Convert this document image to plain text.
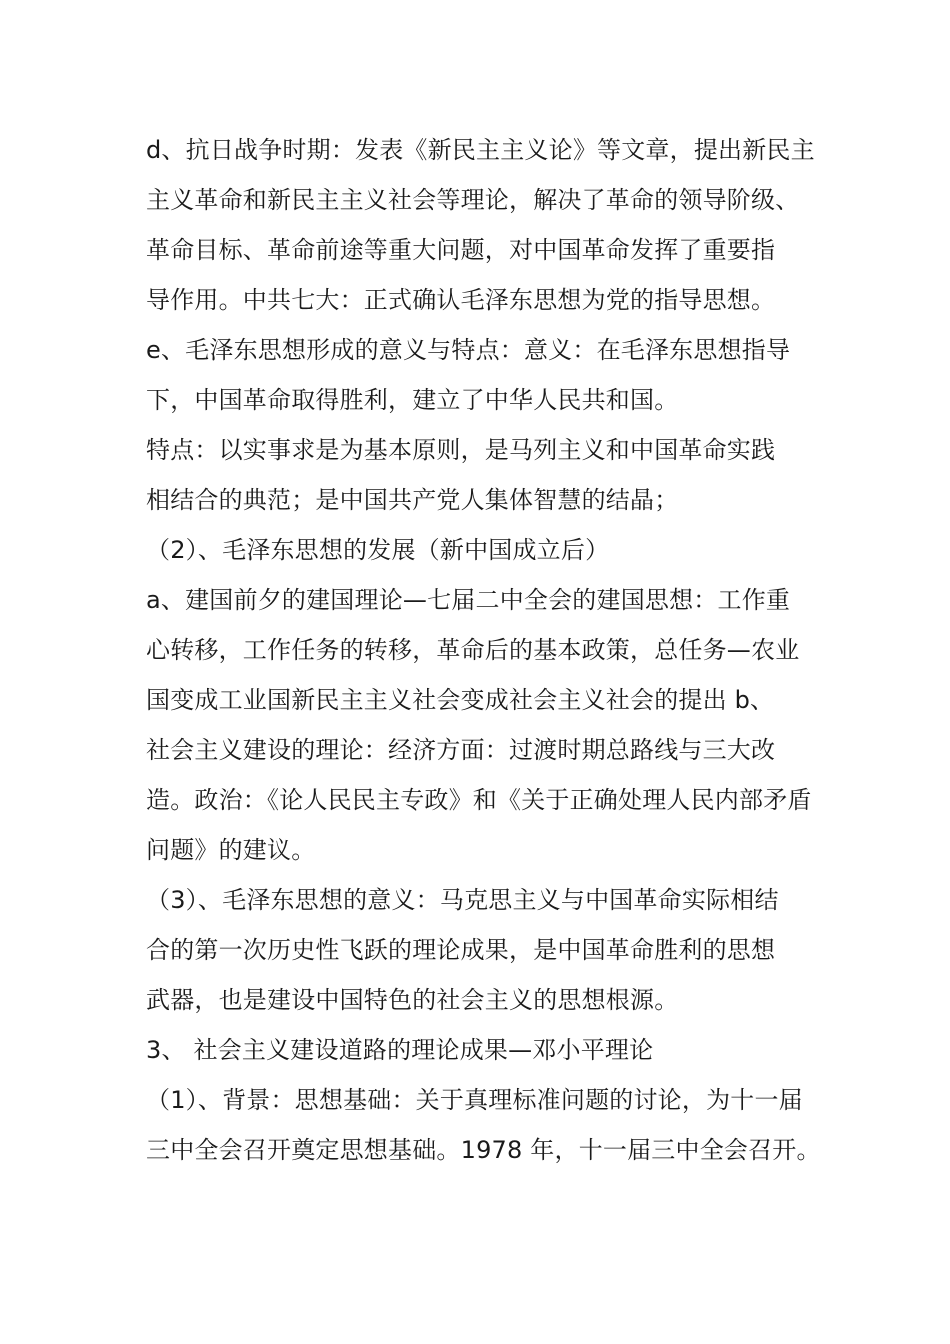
d、抗日战争时期：发表《新民主主义论》等文章，提出新民主
主义革命和新民主主义社会等理论，解决了革命的领导阶级、
革命目标、革命前途等重大问题，对中国革命发挥了重要指
导作用。中共七大：正式确认毛泽东思想为党的指导思想。
e、毛泽东思想形成的意义与特点：意义：在毛泽东思想指导
下，中国革命取得胜利，建立了中华人民共和国。
特点：以实事求是为基本原则，是马列主义和中国革命实践
相结合的典范；是中国共产党人集体智慧的结晶；
（2）、毛泽东思想的发展（新中国成立后）
a、建国前夕的建国理论—七届二中全会的建国思想：工作重
心转移，工作任务的转移，革命后的基本政策，总任务—农业
国变成工业国新民主主义社会变成社会主义社会的提出 b、
社会主义建设的理论：经济方面：过渡时期总路线与三大改
造。政治：《论人民民主专政》和《关于正确处理人民内部矛盾
问题》的建议。
（3）、毛泽东思想的意义：马克思主义与中国革命实际相结
合的第一次历史性飞跃的理论成果，是中国革命胜利的思想
武器，也是建设中国特色的社会主义的思想根源。
3、 社会主义建设道路的理论成果—邓小平理论
（1）、背景：思想基础：关于真理标准问题的讨论，为十一届
三中全会召开奠定思想基础。1978 年，十一届三中全会召开。
